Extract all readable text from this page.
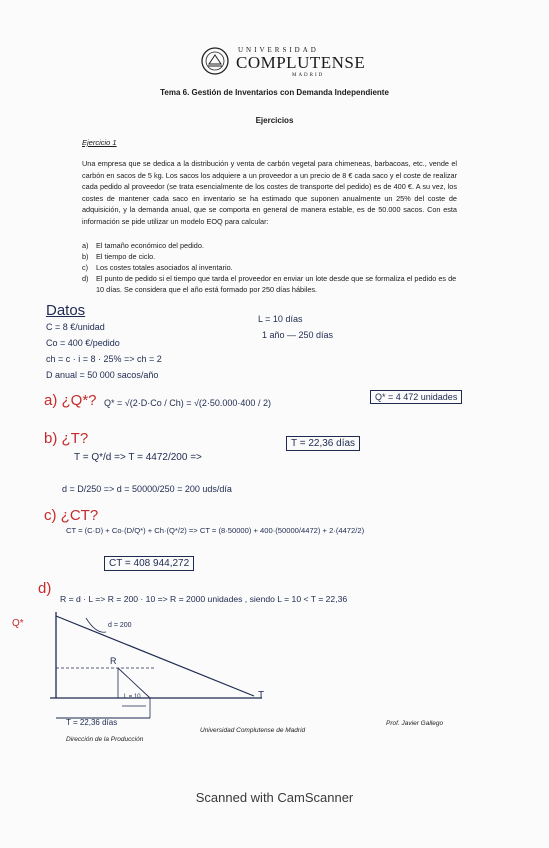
UNIVERSIDAD
COMPLUTENSE
MADRID
Tema 6. Gestión de Inventarios con Demanda Independiente
Ejercicios
Ejercicio 1
Una empresa que se dedica a la distribución y venta de carbón vegetal para chimeneas, barbacoas, etc., vende el carbón en sacos de 5 kg. Los sacos los adquiere a un proveedor a un precio de 8 € cada saco y el coste de realizar cada pedido al proveedor (se trata esencialmente de los costes de transporte del pedido) es de 400 €. A su vez, los costes de mantener cada saco en inventario se ha estimado que suponen anualmente un 25% del coste de adquisición, y la demanda anual, que se comporta en general de manera estable, es de 50.000 sacos. Con esta información se pide utilizar un modelo EOQ para calcular:
a) El tamaño económico del pedido.
b) El tiempo de ciclo.
c) Los costes totales asociados al inventario.
d) El punto de pedido si el tiempo que tarda el proveedor en enviar un lote desde que se formaliza el pedido es de 10 días. Se considera que el año está formado por 250 días hábiles.
Datos
C = 8 €/unidad
Co = 400 €/pedido
ch = c · i = 8 · 25% => ch = 2
D anual = 50 000 sacos/año
L = 10 días
1 año — 250 días
a) ¿Q*? Q* = √(2·D·Co / Ch) = √(2·50.000·400 / 2)
Q* = 4 472 unidades
b) ¿T?
T = Q*/d => T = 4472/200 =>
T = 22,36 días
d = D/250 => d = 50000/250 = 200 uds/día
c) ¿CT?
CT = (C·D) + Co·(D/Q*) + Ch·(Q*/2) => CT = (8·50000) + 400·(50000/4472) + 2·(4472/2)
CT = 408 944,272
d)
R = d · L => R = 200 · 10 => R = 2000 unidades , siendo L = 10 < T = 22,36
Q*	d = 200
R
L = 10	T
T = 22,36 días
Dirección de la Producción
Universidad Complutense de Madrid
Prof. Javier Gallego
Scanned with CamScanner
